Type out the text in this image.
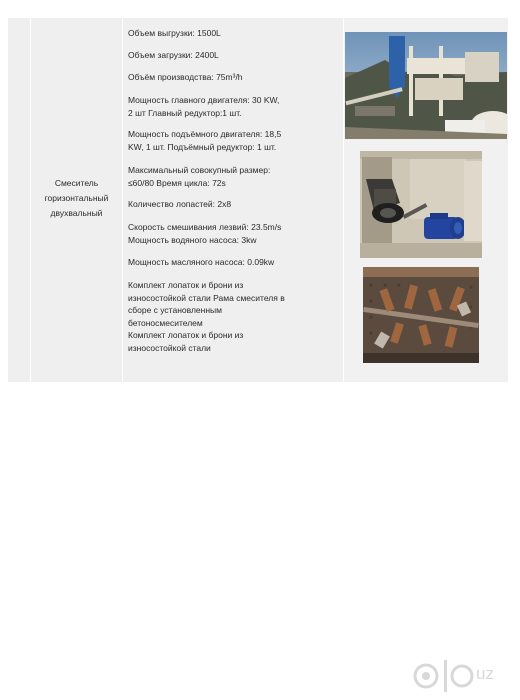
Смеситель
горизонтальный
двухвальный
Объем выгрузки: 1500L
Объем загрузки: 2400L
Объём производства: 75m³/h
Мощность главного двигателя: 30 KW,
2 шт Главный редуктор:1 шт.
Мощность подъёмного двигателя: 18,5
KW, 1 шт. Подъёмный редуктор: 1 шт.
Максимальный совокупный размер:
≤60/80 Время цикла: 72s
Количество лопастей: 2x8
Скорость смешивания лезвий: 23.5m/s
Мощность водяного насоса: 3kw
Мощность масляного насоса: 0.09kw
Комплект лопаток и брони из
износостойкой стали Рама смесителя в
сборе с установленным
бетоносмесителем
Комплект лопаток и брони из
износостойкой стали
uz
